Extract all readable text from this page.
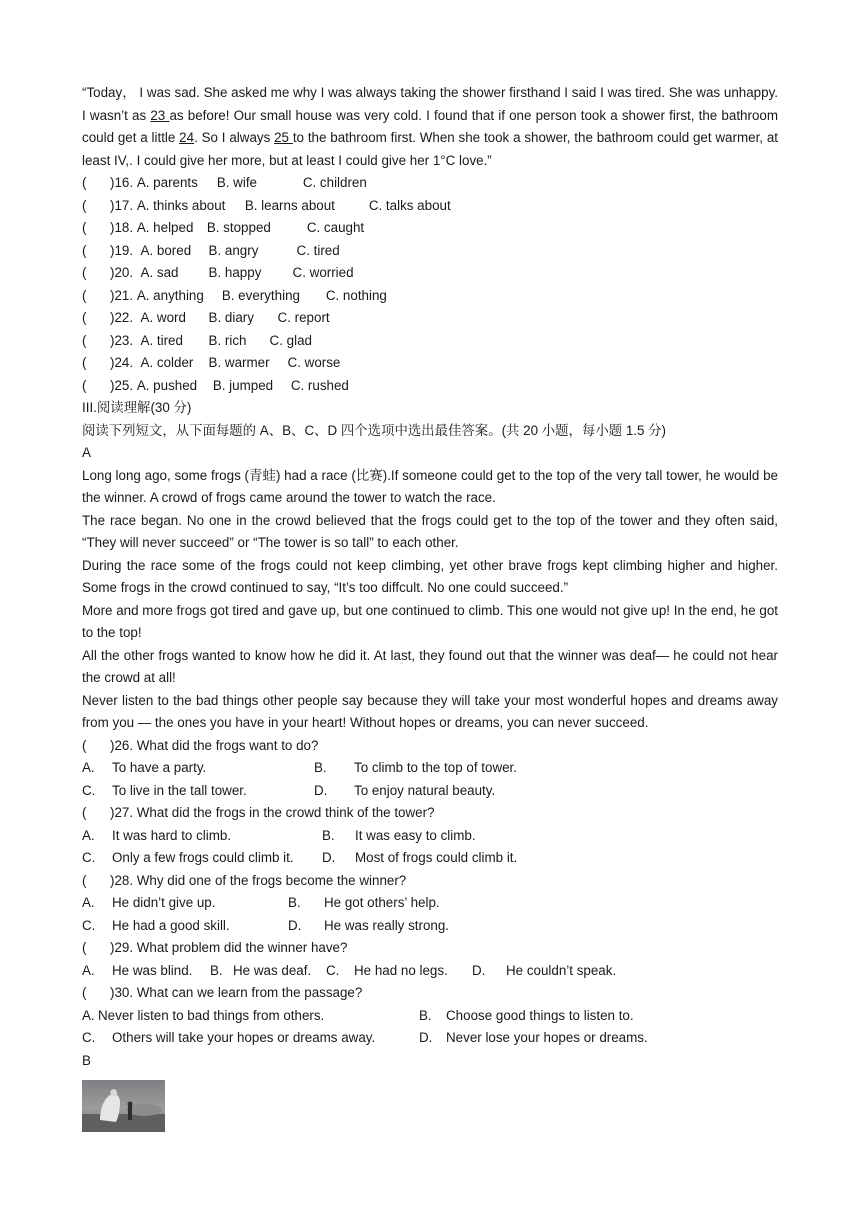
“Today， I was sad. She asked me why I was always taking the shower firsthand I said I was tired. She was unhappy. I wasn’t as 23 as before! Our small house was very cold. I found that if one person took a shower first, the bathroom could get a little 24. So I always 25 to the bathroom first. When she took a shower, the bathroom could get warmer, at least IV,. I could give her more, but at least I could give her 1°C love.”

( )16. A. parents B. wife	C. children

( )17. A. thinks about B. learns about	C. talks about

( )18. A. helped B. stopped	C. caught

( )19. A. bored B. angry	C. tired

( )20. A. sad B. happy C. worried

( )21. A. anything B. everything C. nothing

( )22. A. word B. diary C. report

( )23. A. tired B. rich C. glad

( )24. A. colder B. warmer C. worse

( )25. A. pushed B. jumped C. rushed

III.阅读理解(30 分)

阅读下列短文，从下面每题的 A、B、C、D 四个选项中选出最佳答案。(共 20 小题，每小题 1.5 分)

A

Long long ago, some frogs (青蛙) had a race (比赛).If someone could get to the top of the very tall tower, he would be the winner. A crowd of frogs came around the tower to watch the race.

The race began. No one in the crowd believed that the frogs could get to the top of the tower and they often said, “They will never succeed” or “The tower is so tall” to each other.

During the race some of the frogs could not keep climbing, yet other brave frogs kept climbing higher and higher. Some frogs in the crowd continued to say, “It’s too diffcult. No one could succeed.”

More and more frogs got tired and gave up, but one continued to climb. This one would not give up! In the end, he got to the top!

All the other frogs wanted to know how he did it. At last, they found out that the winner was deaf— he could not hear the crowd at all!

Never listen to the bad things other people say because they will take your most wonderful hopes and dreams away from you — the ones you have in your heart! Without hopes or dreams, you can never succeed.

( )26. What did the frogs want to do?

A. To have a party.	B. To climb to the top of tower.
C. To live in the tall tower.	D. To enjoy natural beauty.

( )27. What did the frogs in the crowd think of the tower?

A. It was hard to climb.	B. It was easy to climb.
C. Only a few frogs could climb it.	D. Most of frogs could climb it.

( )28. Why did one of the frogs become the winner?

A. He didn’t give up.	B. He got others’ help.
C. He had a good skill.	D. He was really strong.

( )29. What problem did the winner have?

A. He was blind. B. He was deaf. C. He had no legs. D. He couldn’t speak.

( )30. What can we learn from the passage?

A. Never listen to bad things from others.	B. Choose good things to listen to.
C. Others will take your hopes or dreams away.	D. Never lose your hopes or dreams.

B
